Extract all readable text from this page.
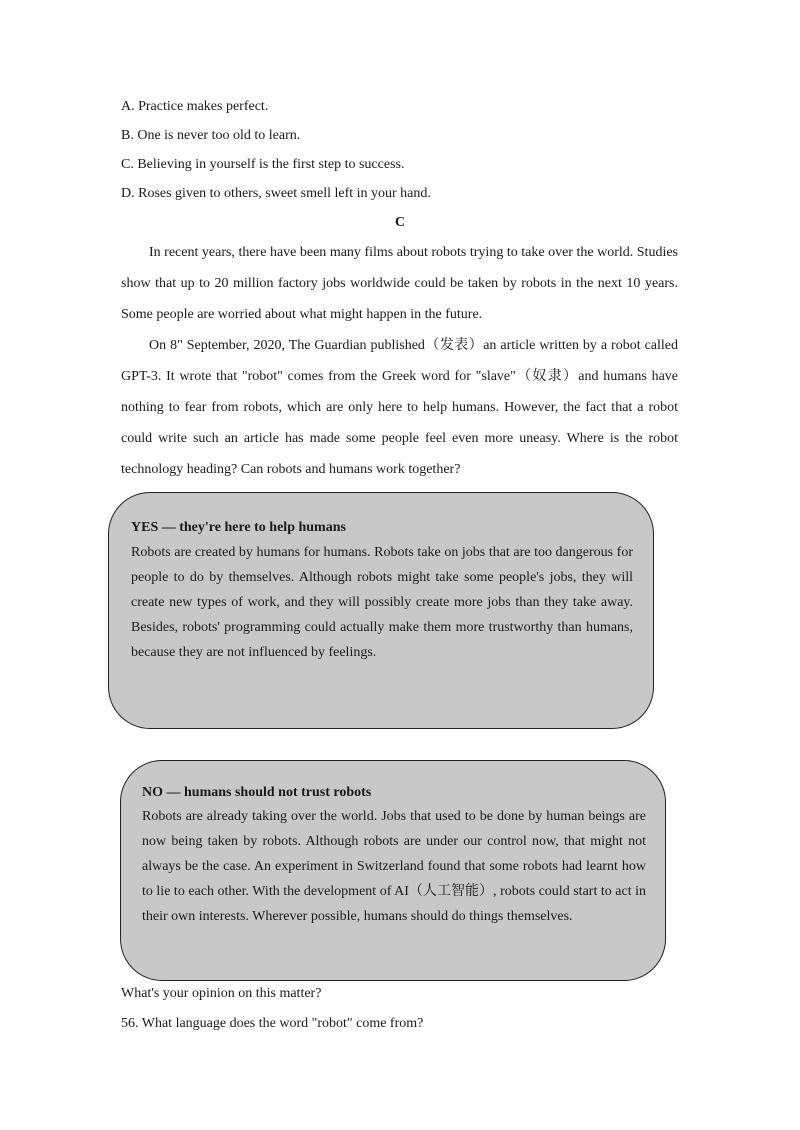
A. Practice makes perfect.
B. One is never too old to learn.
C. Believing in yourself is the first step to success.
D. Roses given to others, sweet smell left in your hand.
C
In recent years, there have been many films about robots trying to take over the world. Studies show that up to 20 million factory jobs worldwide could be taken by robots in the next 10 years. Some people are worried about what might happen in the future.
On 8" September, 2020, The Guardian published（发表）an article written by a robot called GPT-3. It wrote that "robot" comes from the Greek word for "slave"（奴隶）and humans have nothing to fear from robots, which are only here to help humans. However, the fact that a robot could write such an article has made some people feel even more uneasy. Where is the robot technology heading? Can robots and humans work together?
YES — they're here to help humans
Robots are created by humans for humans. Robots take on jobs that are too dangerous for people to do by themselves. Although robots might take some people's jobs, they will create new types of work, and they will possibly create more jobs than they take away. Besides, robots' programming could actually make them more trustworthy than humans, because they are not influenced by feelings.
NO — humans should not trust robots
Robots are already taking over the world. Jobs that used to be done by human beings are now being taken by robots. Although robots are under our control now, that might not always be the case. An experiment in Switzerland found that some robots had learnt how to lie to each other. With the development of AI（人工智能）, robots could start to act in their own interests. Wherever possible, humans should do things themselves.
What's your opinion on this matter?
56. What language does the word "robot" come from?
